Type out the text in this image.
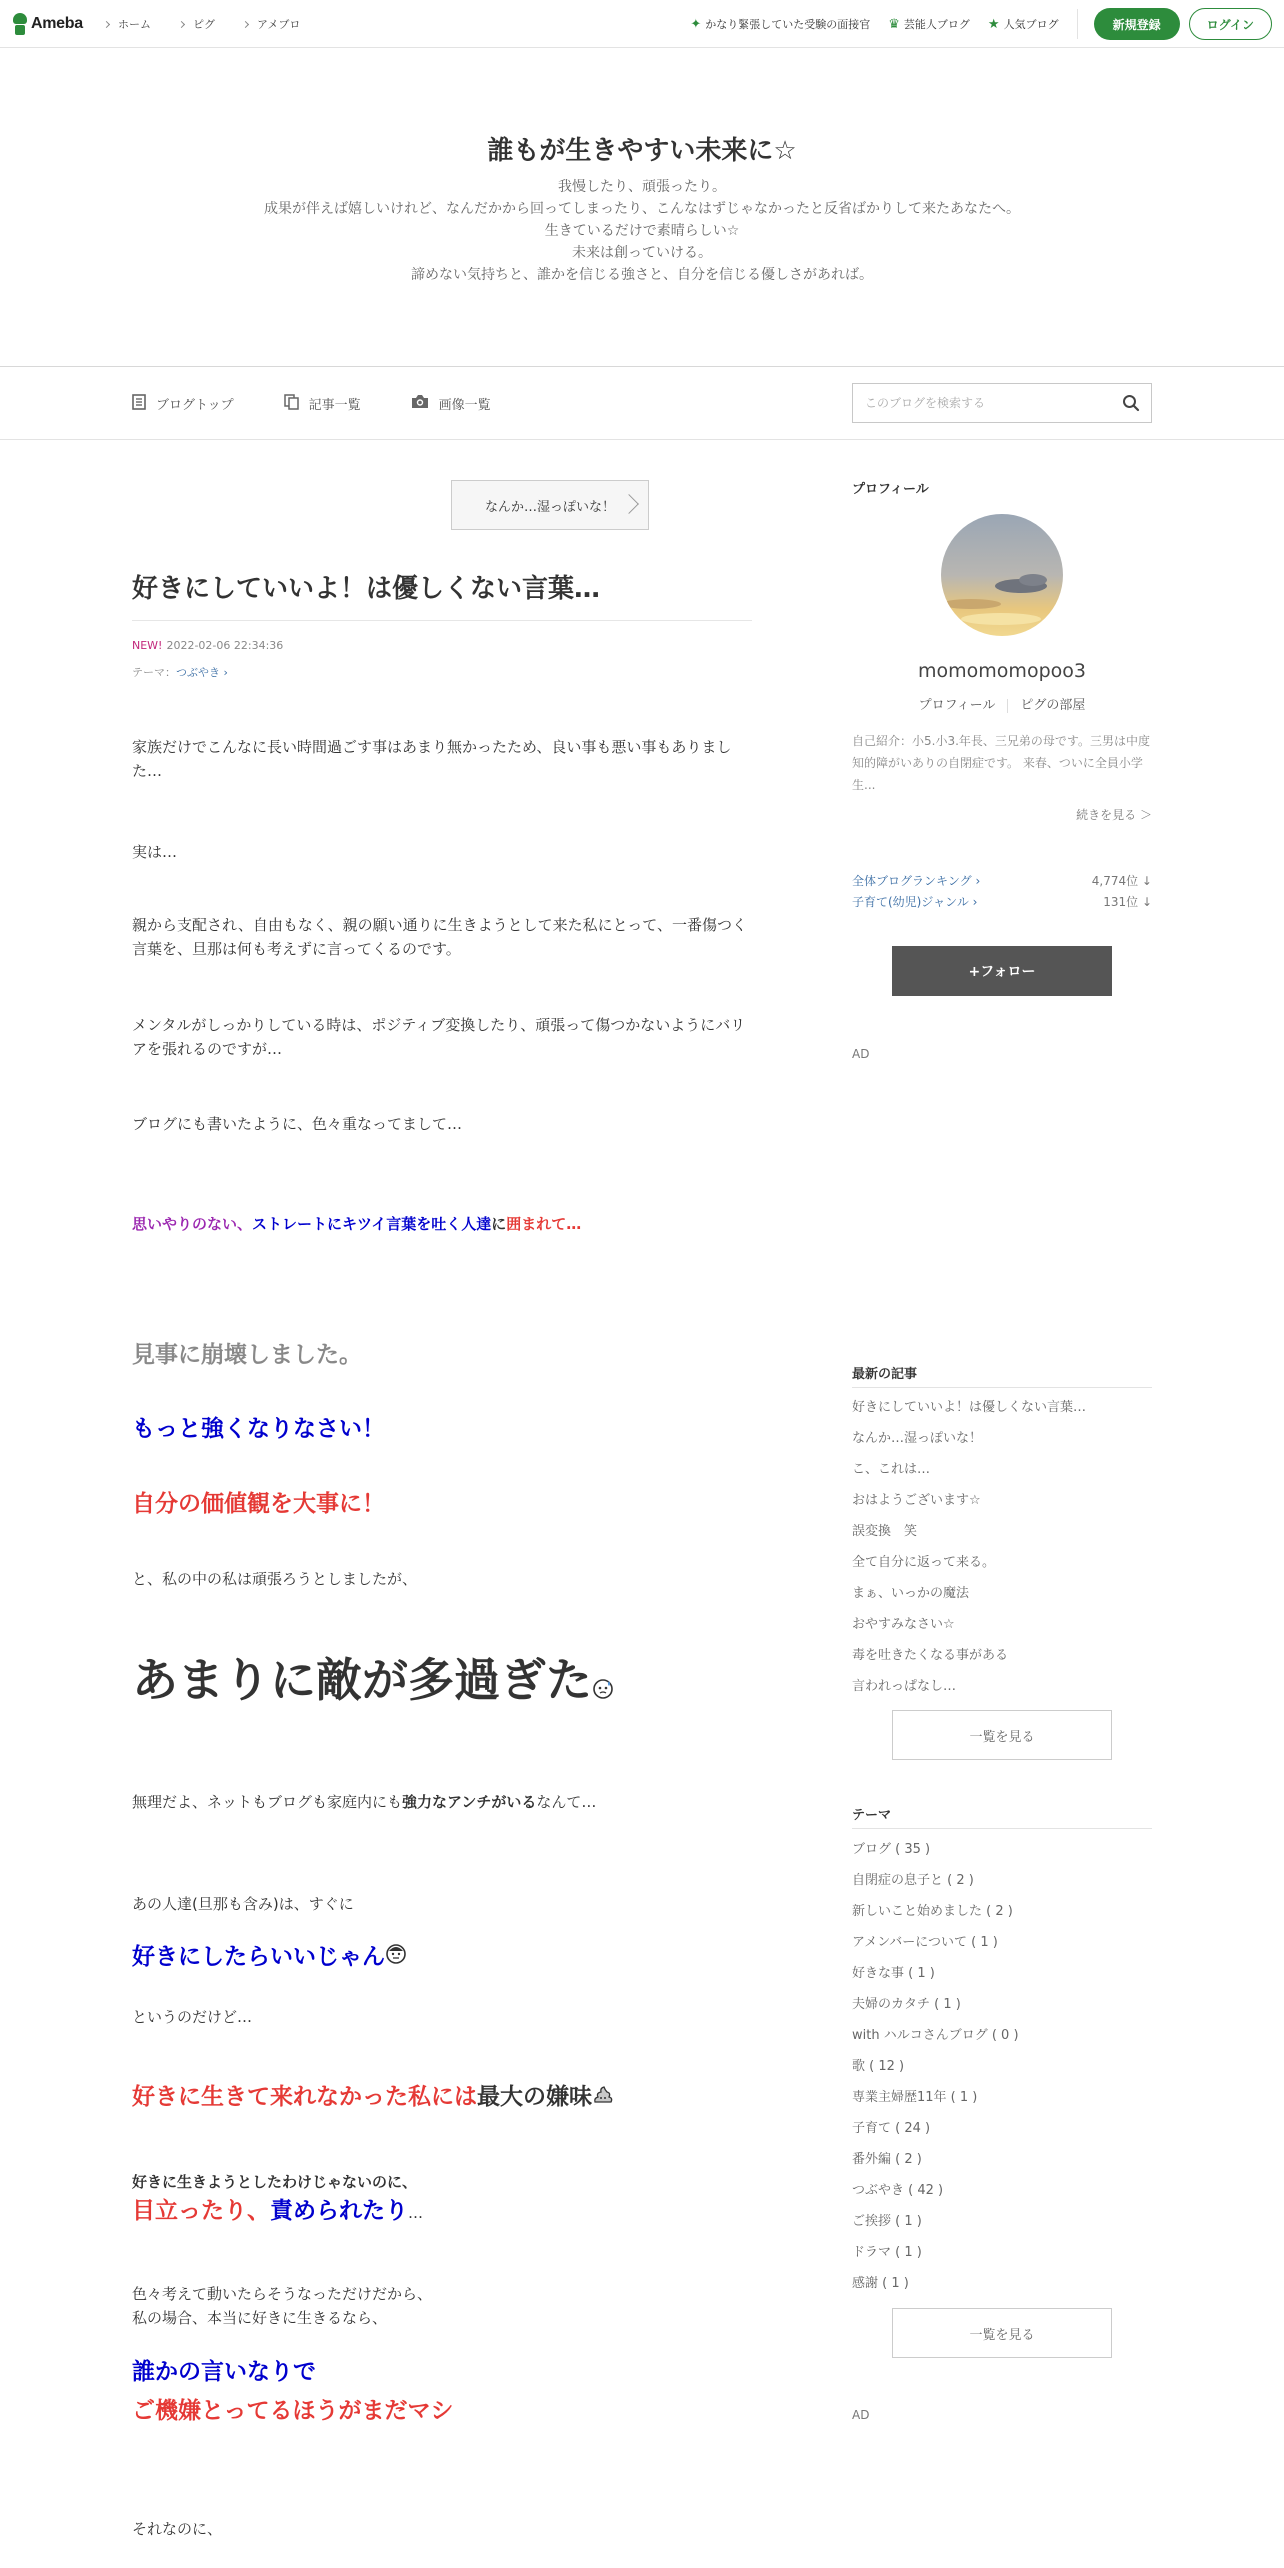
Ameba	ホーム	ピグ	アメブロ	✦ かなり緊張していた受験の面接官 ♛ 芸能人ブログ ★ 人気ブログ	新規登録	ログイン
誰もが生きやすい未来に☆
我慢したり、頑張ったり。
成果が伴えば嬉しいけれど、なんだかから回ってしまったり、こんなはずじゃなかったと反省ばかりして来たあなたへ。
生きているだけで素晴らしい☆
未来は創っていける。
諦めない気持ちと、誰かを信じる強さと、自分を信じる優しさがあれば。
ブログトップ	記事一覧	画像一覧
このブログを検索する
なんか…湿っぽいな！
好きにしていいよ！は優しくない言葉…
NEW! 2022-02-06 22:34:36
テーマ：つぶやき ›

家族だけでこんなに長い時間過ごす事はあまり無かったため、良い事も悪い事もありました…

実は…

親から支配され、自由もなく、親の願い通りに生きようとして来た私にとって、一番傷つく言葉を、旦那は何も考えずに言ってくるのです。

メンタルがしっかりしている時は、ポジティブ変換したり、頑張って傷つかないようにバリアを張れるのですが…

ブログにも書いたように、色々重なってまして…

思いやりのない、ストレートにキツイ言葉を吐く人達に囲まれて…

見事に崩壊しました。

もっと強くなりなさい！

自分の価値観を大事に！

と、私の中の私は頑張ろうとしましたが、

あまりに敵が多過ぎた

無理だよ、ネットもブログも家庭内にも強力なアンチがいるなんて…

あの人達(旦那も含み)は、すぐに

好きにしたらいいじゃん

というのだけど…

好きに生きて来れなかった私には最大の嫌味

好きに生きようとしたわけじゃないのに、

目立ったり、責められたり…

色々考えて動いたらそうなっただけだから、
私の場合、本当に好きに生きるなら、

誰かの言いなりで

ご機嫌とってるほうがまだマシ

それなのに、

プロフィール
momomomopoo3
プロフィール ピグの部屋
自己紹介：小5.小3.年長、三兄弟の母です。三男は中度知的障がいありの自閉症です。 来春、ついに全員小学生...
続きを見る ＞
全体ブログランキング ›	4,774位 ↓
子育て(幼児)ジャンル ›	131位 ↓
+フォロー
AD
最新の記事
好きにしていいよ！は優しくない言葉…
なんか…湿っぽいな！
こ、これは…
おはようございます☆
誤変換　笑
全て自分に返って来る。
まぁ、いっかの魔法
おやすみなさい☆
毒を吐きたくなる事がある
言われっぱなし…
一覧を見る
テーマ
ブログ ( 35 )
自閉症の息子と ( 2 )
新しいこと始めました ( 2 )
アメンバーについて ( 1 )
好きな事 ( 1 )
夫婦のカタチ ( 1 )
with ハルコさんブログ ( 0 )
歌 ( 12 )
専業主婦歴11年 ( 1 )
子育て ( 24 )
番外編 ( 2 )
つぶやき ( 42 )
ご挨拶 ( 1 )
ドラマ ( 1 )
感謝 ( 1 )
一覧を見る
AD
